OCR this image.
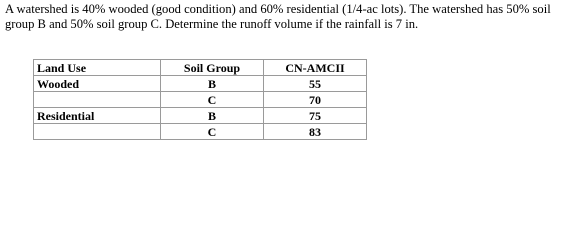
A watershed is 40% wooded (good condition) and 60% residential (1/4-ac lots). The watershed has 50% soil group B and 50% soil group C. Determine the runoff volume if the rainfall is 7 in.

Land Use	Soil Group	CN-AMCII
Wooded	B	55
	C	70
Residential	B	75
	C	83
